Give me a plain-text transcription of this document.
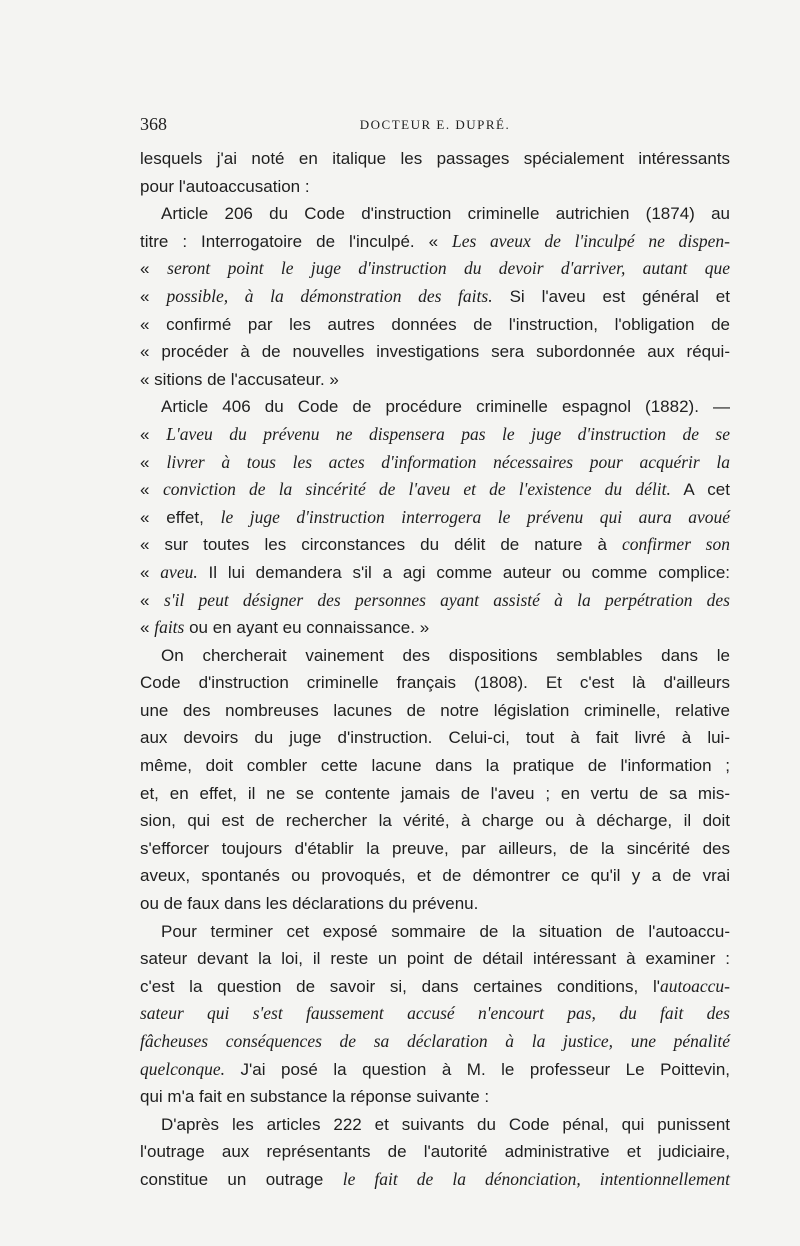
368	DOCTEUR E. DUPRÉ.
lesquels j'ai noté en italique les passages spécialement intéressants
pour l'autoaccusation :
Article 206 du Code d'instruction criminelle autrichien (1874) au
titre : Interrogatoire de l'inculpé. « Les aveux de l'inculpé ne dispen-
« seront point le juge d'instruction du devoir d'arriver, autant que
« possible, à la démonstration des faits. Si l'aveu est général et
« confirmé par les autres données de l'instruction, l'obligation de
« procéder à de nouvelles investigations sera subordonnée aux réqui-
« sitions de l'accusateur. »
Article 406 du Code de procédure criminelle espagnol (1882). —
« L'aveu du prévenu ne dispensera pas le juge d'instruction de se
« livrer à tous les actes d'information nécessaires pour acquérir la
« conviction de la sincérité de l'aveu et de l'existence du délit. A cet
« effet, le juge d'instruction interrogera le prévenu qui aura avoué
« sur toutes les circonstances du délit de nature à confirmer son
« aveu. Il lui demandera s'il a agi comme auteur ou comme complice:
« s'il peut désigner des personnes ayant assisté à la perpétration des
« faits ou en ayant eu connaissance. »
On chercherait vainement des dispositions semblables dans le
Code d'instruction criminelle français (1808). Et c'est là d'ailleurs
une des nombreuses lacunes de notre législation criminelle, relative
aux devoirs du juge d'instruction. Celui-ci, tout à fait livré à lui-
même, doit combler cette lacune dans la pratique de l'information ;
et, en effet, il ne se contente jamais de l'aveu ; en vertu de sa mis-
sion, qui est de rechercher la vérité, à charge ou à décharge, il doit
s'efforcer toujours d'établir la preuve, par ailleurs, de la sincérité des
aveux, spontanés ou provoqués, et de démontrer ce qu'il y a de vrai
ou de faux dans les déclarations du prévenu.
Pour terminer cet exposé sommaire de la situation de l'autoaccu-
sateur devant la loi, il reste un point de détail intéressant à examiner :
c'est la question de savoir si, dans certaines conditions, l'autoaccu-
sateur qui s'est faussement accusé n'encourt pas, du fait des
fâcheuses conséquences de sa déclaration à la justice, une pénalité
quelconque. J'ai posé la question à M. le professeur Le Poittevin,
qui m'a fait en substance la réponse suivante :
D'après les articles 222 et suivants du Code pénal, qui punissent
l'outrage aux représentants de l'autorité administrative et judiciaire,
constitue un outrage le fait de la dénonciation, intentionnellement
